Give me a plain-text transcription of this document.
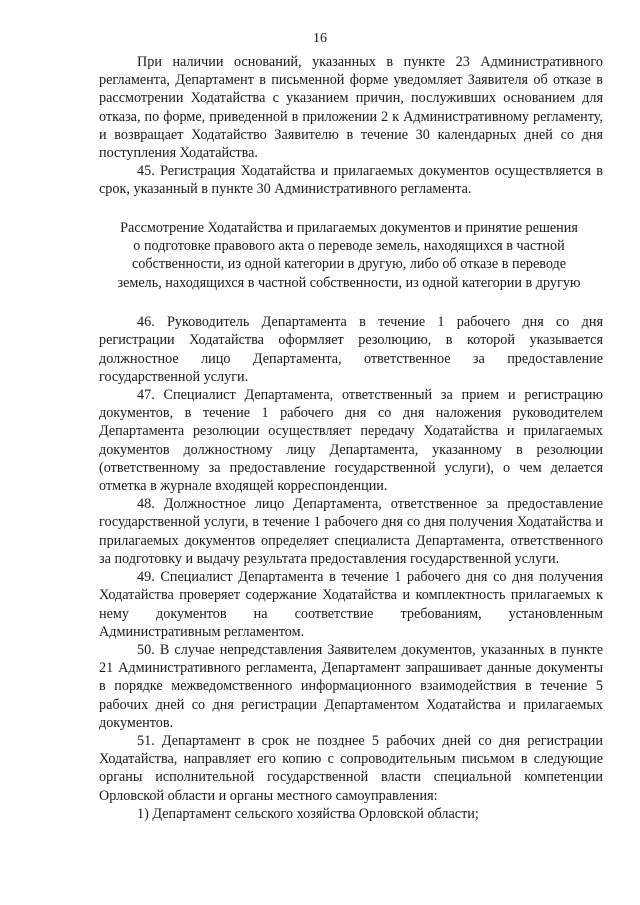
16

При наличии оснований, указанных в пункте 23 Административного регламента, Департамент в письменной форме уведомляет Заявителя об отказе в рассмотрении Ходатайства с указанием причин, послуживших основанием для отказа, по форме, приведенной в приложении 2 к Административному регламенту, и возвращает Ходатайство Заявителю в течение 30 календарных дней со дня поступления Ходатайства.

45. Регистрация Ходатайства и прилагаемых документов осуществляется в срок, указанный в пункте 30 Административного регламента.

Рассмотрение Ходатайства и прилагаемых документов и принятие решения
о подготовке правового акта о переводе земель, находящихся в частной
собственности, из одной категории в другую, либо об отказе в переводе
земель, находящихся в частной собственности, из одной категории в другую

46. Руководитель Департамента в течение 1 рабочего дня со дня регистрации Ходатайства оформляет резолюцию, в которой указывается должностное лицо Департамента, ответственное за предоставление государственной услуги.

47. Специалист Департамента, ответственный за прием и регистрацию документов, в течение 1 рабочего дня со дня наложения руководителем Департамента резолюции осуществляет передачу Ходатайства и прилагаемых документов должностному лицу Департамента, указанному в резолюции (ответственному за предоставление государственной услуги), о чем делается отметка в журнале входящей корреспонденции.

48. Должностное лицо Департамента, ответственное за предоставление государственной услуги, в течение 1 рабочего дня со дня получения Ходатайства и прилагаемых документов определяет специалиста Департамента, ответственного за подготовку и выдачу результата предоставления государственной услуги.

49. Специалист Департамента в течение 1 рабочего дня со дня получения Ходатайства проверяет содержание Ходатайства и комплектность прилагаемых к нему документов на соответствие требованиям, установленным Административным регламентом.

50. В случае непредставления Заявителем документов, указанных в пункте 21 Административного регламента, Департамент запрашивает данные документы в порядке межведомственного информационного взаимодействия в течение 5 рабочих дней со дня регистрации Департаментом Ходатайства и прилагаемых документов.

51. Департамент в срок не позднее 5 рабочих дней со дня регистрации Ходатайства, направляет его копию с сопроводительным письмом в следующие органы исполнительной государственной власти специальной компетенции Орловской области и органы местного самоуправления:

1) Департамент сельского хозяйства Орловской области;
